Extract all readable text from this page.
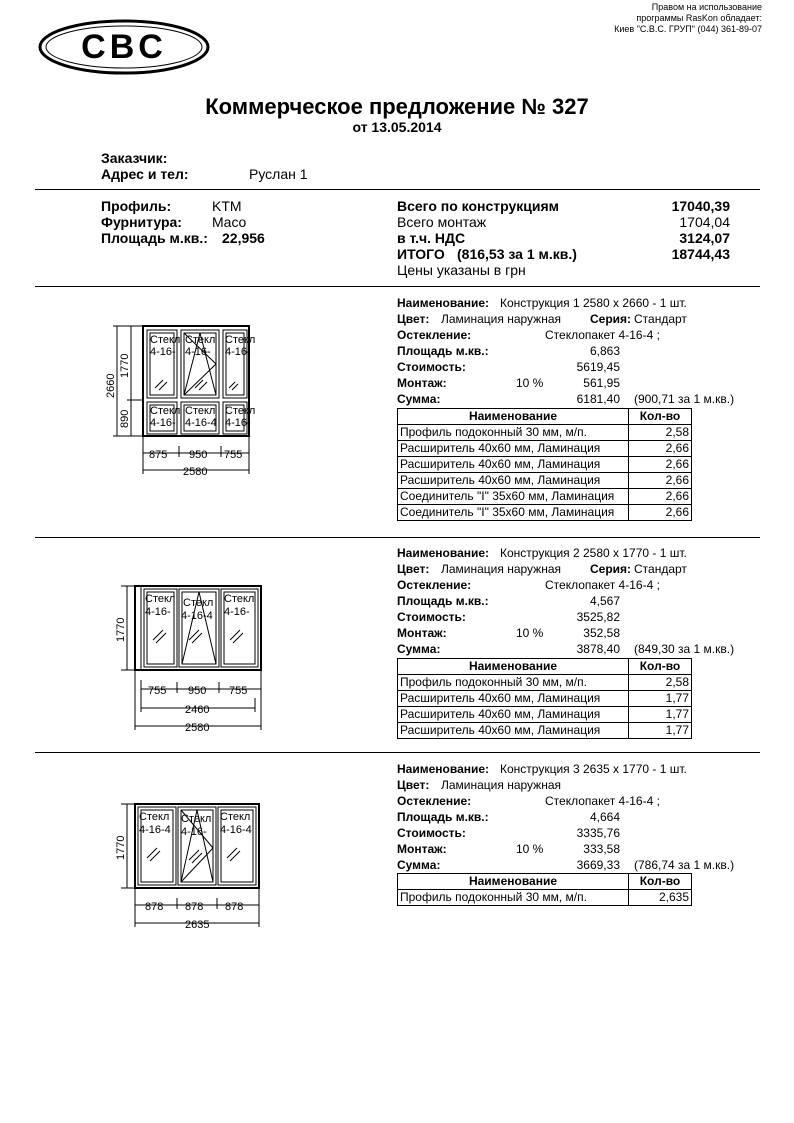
Правом на использование
программы RasKon обладает:
Киев "С.В.С. ГРУП" (044) 361-89-07
CBC
Коммерческое предложение № 327
от 13.05.2014
Заказчик:
Адрес и тел:	Руслан 1
Профиль:	KTM
Фурнитура: Maco
Площадь м.кв.: 22,956
Всего по конструкциям	17040,39
Всего монтаж	1704,04
в т.ч. НДС	3124,07
ИТОГО (816,53 за 1 м.кв.)	18744,43
Цены указаны в грн
Стекл
4-16-
Стекл
4-16-
Стекл
4-16-
Стекл
4-16-
Стекл
4-16-4
Стекл
4-16-
2660
1770
890
875 950 755
2580
Наименование: Конструкция 1 2580 x 2660 - 1 шт.
Цвет: Ламинация наружная Серия: Стандарт
Остекление:	Стеклопакет 4-16-4 ;
Площадь м.кв.:	6,863
Стоимость:	5619,45
Монтаж:	10 %	561,95
Сумма:	6181,40 (900,71 за 1 м.кв.)
Наименование	Кол-во
Профиль подоконный 30 мм, м/п.	2,58
Расширитель 40х60 мм, Ламинация	2,66
Расширитель 40х60 мм, Ламинация	2,66
Расширитель 40х60 мм, Ламинация	2,66
Соединитель "I" 35х60 мм, Ламинация	2,66
Соединитель "I" 35х60 мм, Ламинация	2,66
Стекл
4-16-
Стекл
4-16-4
Стекл
4-16-
1770
755 950 755
2460
2580
Наименование: Конструкция 2 2580 x 1770 - 1 шт.
Цвет: Ламинация наружная Серия: Стандарт
Остекление:	Стеклопакет 4-16-4 ;
Площадь м.кв.:	4,567
Стоимость:	3525,82
Монтаж:	10 %	352,58
Сумма:	3878,40 (849,30 за 1 м.кв.)
Наименование	Кол-во
Профиль подоконный 30 мм, м/п.	2,58
Расширитель 40х60 мм, Ламинация	1,77
Расширитель 40х60 мм, Ламинация	1,77
Расширитель 40х60 мм, Ламинация	1,77
Стекл
4-16-4
Стекл
4-16-
Стекл
4-16-4
1770
878 878 878
2635
Наименование: Конструкция 3 2635 x 1770 - 1 шт.
Цвет: Ламинация наружная
Остекление:	Стеклопакет 4-16-4 ;
Площадь м.кв.:	4,664
Стоимость:	3335,76
Монтаж:	10 %	333,58
Сумма:	3669,33 (786,74 за 1 м.кв.)
Наименование	Кол-во
Профиль подоконный 30 мм, м/п.	2,635
